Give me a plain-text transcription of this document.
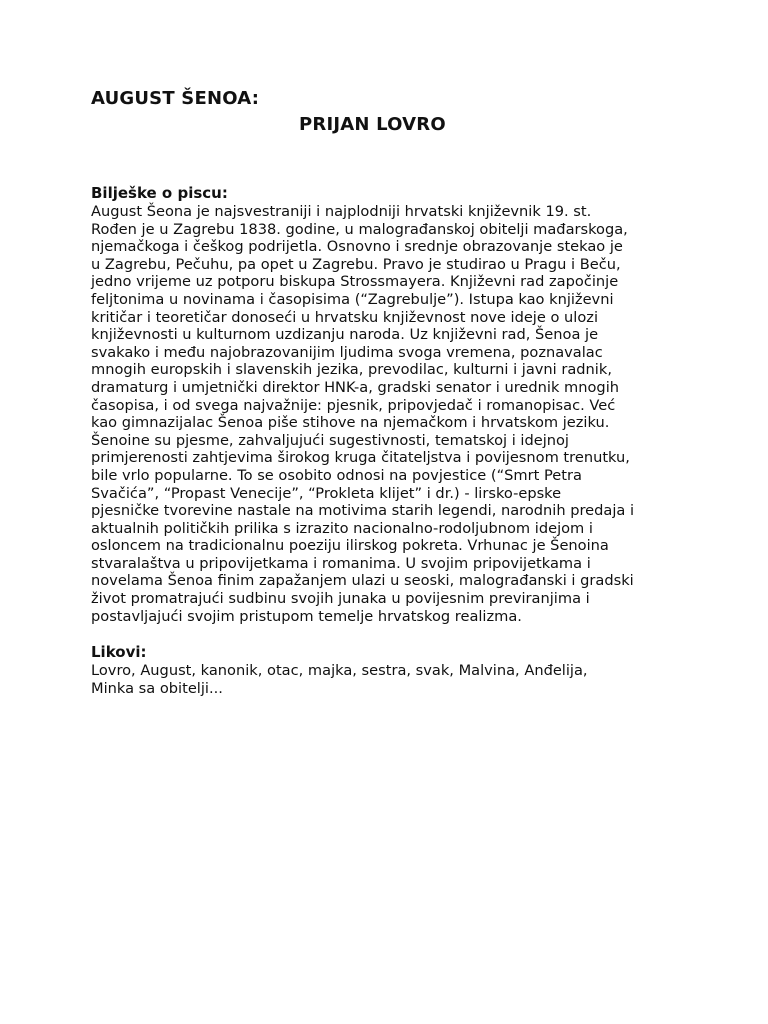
AUGUST ŠENOA:
PRIJAN LOVRO

Bilješke o piscu:

August Šeona je najsvestraniji i najplodniji hrvatski književnik 19. st.
Rođen je u Zagrebu 1838. godine, u malograđanskoj obitelji mađarskoga,
njemačkoga i češkog podrijetla. Osnovno i srednje obrazovanje stekao je
u Zagrebu, Pečuhu, pa opet u Zagrebu. Pravo je studirao u Pragu i Beču,
jedno vrijeme uz potporu biskupa Strossmayera. Književni rad započinje
feljtonima u novinama i časopisima (“Zagrebulje”). Istupa kao književni
kritičar i teoretičar donoseći u hrvatsku književnost nove ideje o ulozi
književnosti u kulturnom uzdizanju naroda. Uz književni rad, Šenoa je
svakako i među najobrazovanijim ljudima svoga vremena, poznavalac
mnogih europskih i slavenskih jezika, prevodilac, kulturni i javni radnik,
dramaturg i umjetnički direktor HNK-a, gradski senator i urednik mnogih
časopisa, i od svega najvažnije: pjesnik, pripovjedač i romanopisac. Već
kao gimnazijalac Šenoa piše stihove na njemačkom i hrvatskom jeziku.
Šenoine su pjesme, zahvaljujući sugestivnosti, tematskoj i idejnoj
primjerenosti zahtjevima širokog kruga čitateljstva i povijesnom trenutku,
bile vrlo popularne. To se osobito odnosi na povjestice (“Smrt Petra
Svačića”, “Propast Venecije”, “Prokleta klijet” i dr.) - lirsko-epske
pjesničke tvorevine nastale na motivima starih legendi, narodnih predaja i
aktualnih političkih prilika s izrazito nacionalno-rodoljubnom idejom i
osloncem na tradicionalnu poeziju ilirskog pokreta. Vrhunac je Šenoina
stvaralaštva u pripovijetkama i romanima. U svojim pripovijetkama i
novelama Šenoa finim zapažanjem ulazi u seoski, malograđanski i gradski
život promatrajući sudbinu svojih junaka u povijesnim previranjima i
postavljajući svojim pristupom temelje hrvatskog realizma.

Likovi:

Lovro, August, kanonik, otac, majka, sestra, svak, Malvina, Anđelija,
Minka sa obitelji...
